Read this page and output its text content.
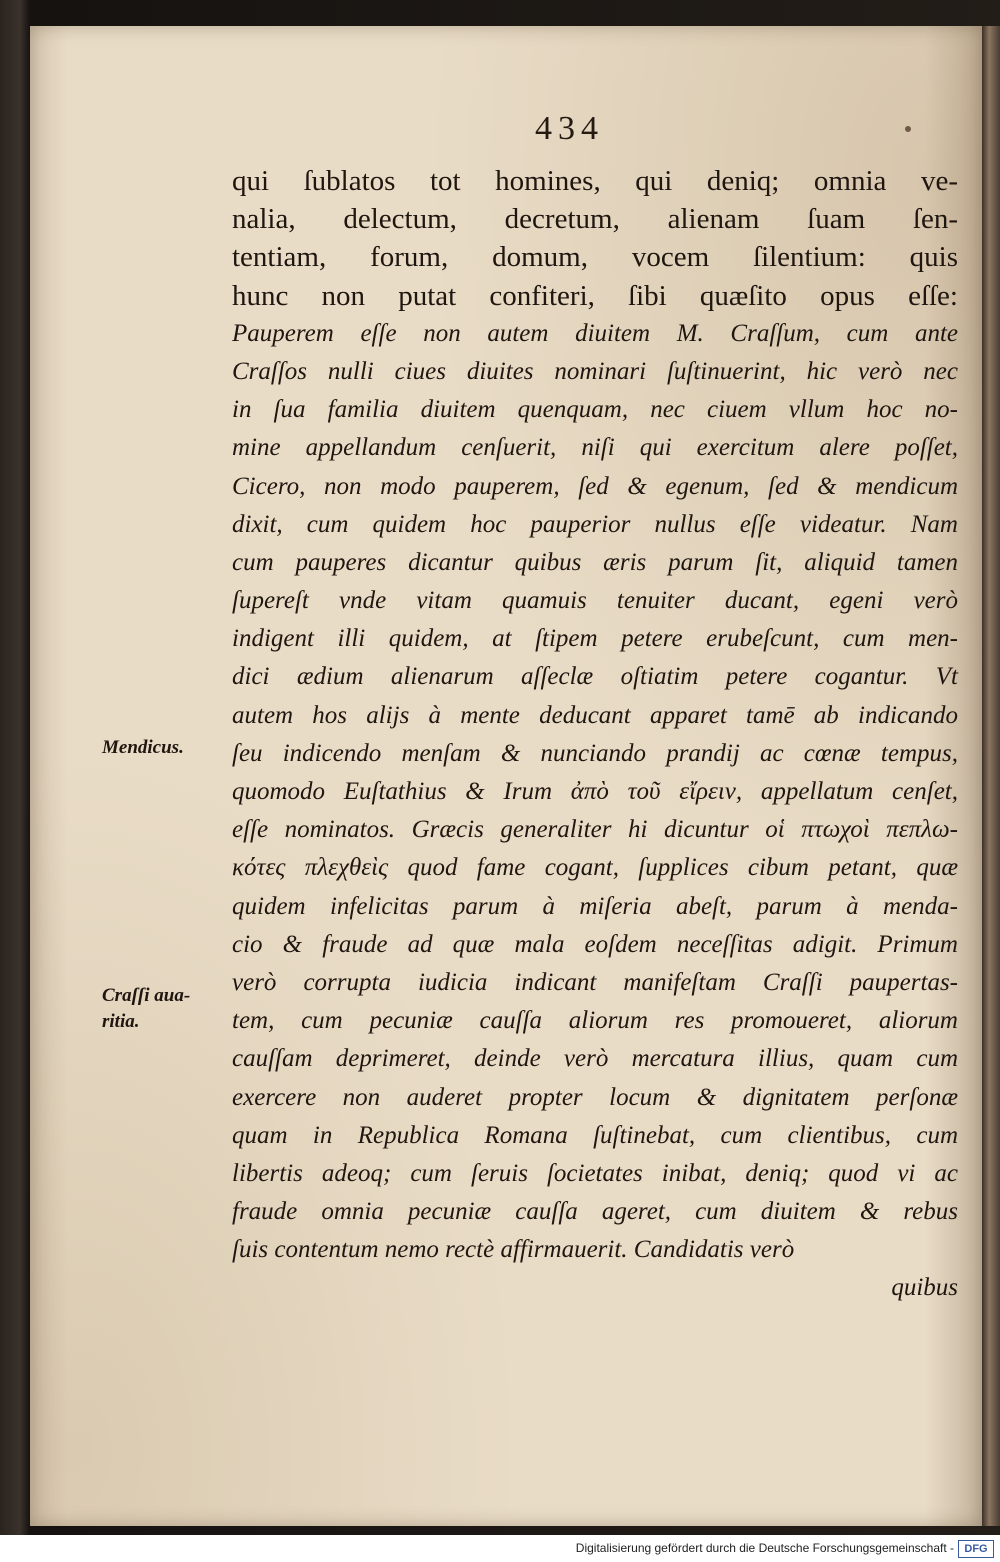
434
qui ſublatos tot homines, qui deniq; omnia ve-
nalia, delectum, decretum, alienam ſuam ſen-
tentiam, forum, domum, vocem ſilentium: quis
hunc non putat confiteri, ſibi quæſito opus eſſe:
Pauperem eſſe non autem diuitem M. Craſſum, cum ante
Craſſos nulli ciues diuites nominari ſuſtinuerint, hic verò nec
in ſua familia diuitem quenquam, nec ciuem vllum hoc no-
mine appellandum cenſuerit, niſi qui exercitum alere poſſet,
Cicero, non modo pauperem, ſed & egenum, ſed & mendicum
dixit, cum quidem hoc pauperior nullus eſſe videatur. Nam
cum pauperes dicantur quibus æris parum ſit, aliquid tamen
ſupereſt vnde vitam quamuis tenuiter ducant, egeni verò
indigent illi quidem, at ſtipem petere erubeſcunt, cum men-
dici ædium alienarum aſſeclæ oſtiatim petere cogantur. Vt
autem hos alijs à mente deducant apparet tamē ab indicando
ſeu indicendo menſam & nunciando prandij ac cœnæ tempus,
quomodo Euſtathius & Irum ἀπὸ τοῦ εἴρειν, appellatum cenſet,
eſſe nominatos. Græcis generaliter hi dicuntur οἱ πτωχοὶ πεπλω-
κότες πλεχθεὶς quod fame cogant, ſupplices cibum petant, quæ
quidem infelicitas parum à miſeria abeſt, parum à menda-
cio & fraude ad quæ mala eoſdem neceſſitas adigit. Primum
verò corrupta iudicia indicant manifeſtam Craſſi paupertas-
tem, cum pecuniæ cauſſa aliorum res promoueret, aliorum
cauſſam deprimeret, deinde verò mercatura illius, quam cum
exercere non auderet propter locum & dignitatem perſonæ
quam in Republica Romana ſuſtinebat, cum clientibus, cum
libertis adeoq; cum ſeruis ſocietates inibat, deniq; quod vi ac
fraude omnia pecuniæ cauſſa ageret, cum diuitem & rebus
ſuis contentum nemo rectè affirmauerit. Candidatis verò
quibus
Mendicus.
Craſſi aua-
ritia.
Digitalisierung gefördert durch die Deutsche Forschungsgemeinschaft - DFG
